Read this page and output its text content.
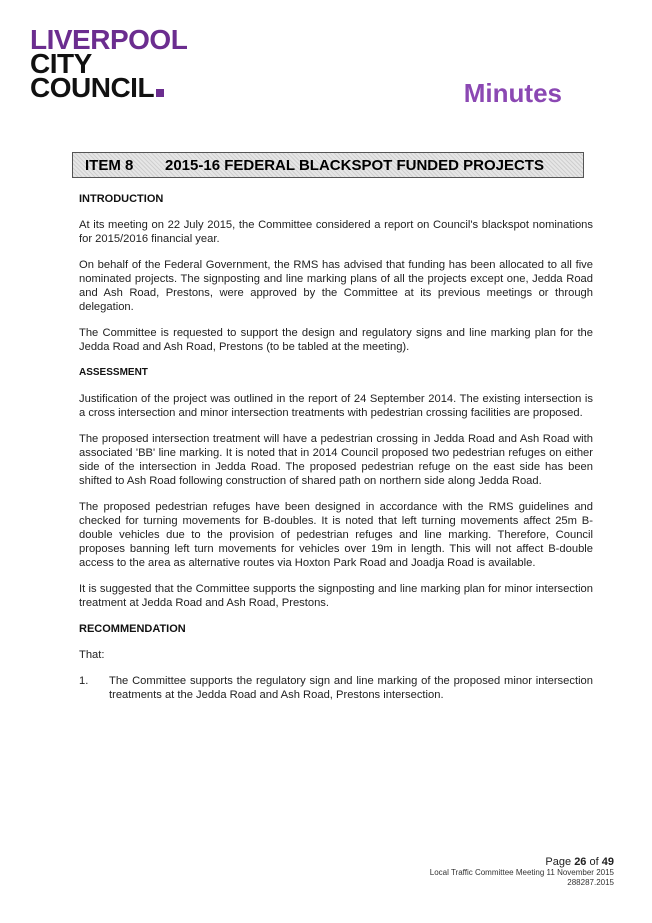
LIVERPOOL
CITY
COUNCIL	Minutes
ITEM 8	2015-16 FEDERAL BLACKSPOT FUNDED PROJECTS
INTRODUCTION

At its meeting on 22 July 2015, the Committee considered a report on Council's blackspot nominations for 2015/2016 financial year.

On behalf of the Federal Government, the RMS has advised that funding has been allocated to all five nominated projects. The signposting and line marking plans of all the projects except one, Jedda Road and Ash Road, Prestons, were approved by the Committee at its previous meetings or through delegation.

The Committee is requested to support the design and regulatory signs and line marking plan for the Jedda Road and Ash Road, Prestons (to be tabled at the meeting).

ASSESSMENT

Justification of the project was outlined in the report of 24 September 2014. The existing intersection is a cross intersection and minor intersection treatments with pedestrian crossing facilities are proposed.

The proposed intersection treatment will have a pedestrian crossing in Jedda Road and Ash Road with associated 'BB' line marking. It is noted that in 2014 Council proposed two pedestrian refuges on either side of the intersection in Jedda Road. The proposed pedestrian refuge on the east side has been shifted to Ash Road following construction of shared path on northern side along Jedda Road.

The proposed pedestrian refuges have been designed in accordance with the RMS guidelines and checked for turning movements for B-doubles. It is noted that left turning movements affect 25m B-double vehicles due to the provision of pedestrian refuges and line marking. Therefore, Council proposes banning left turn movements for vehicles over 19m in length. This will not affect B-double access to the area as alternative routes via Hoxton Park Road and Joadja Road is available.

It is suggested that the Committee supports the signposting and line marking plan for minor intersection treatment at Jedda Road and Ash Road, Prestons.

RECOMMENDATION

That:

1.	The Committee supports the regulatory sign and line marking of the proposed minor intersection treatments at the Jedda Road and Ash Road, Prestons intersection.
Page 26 of 49
Local Traffic Committee Meeting 11 November 2015
288287.2015
